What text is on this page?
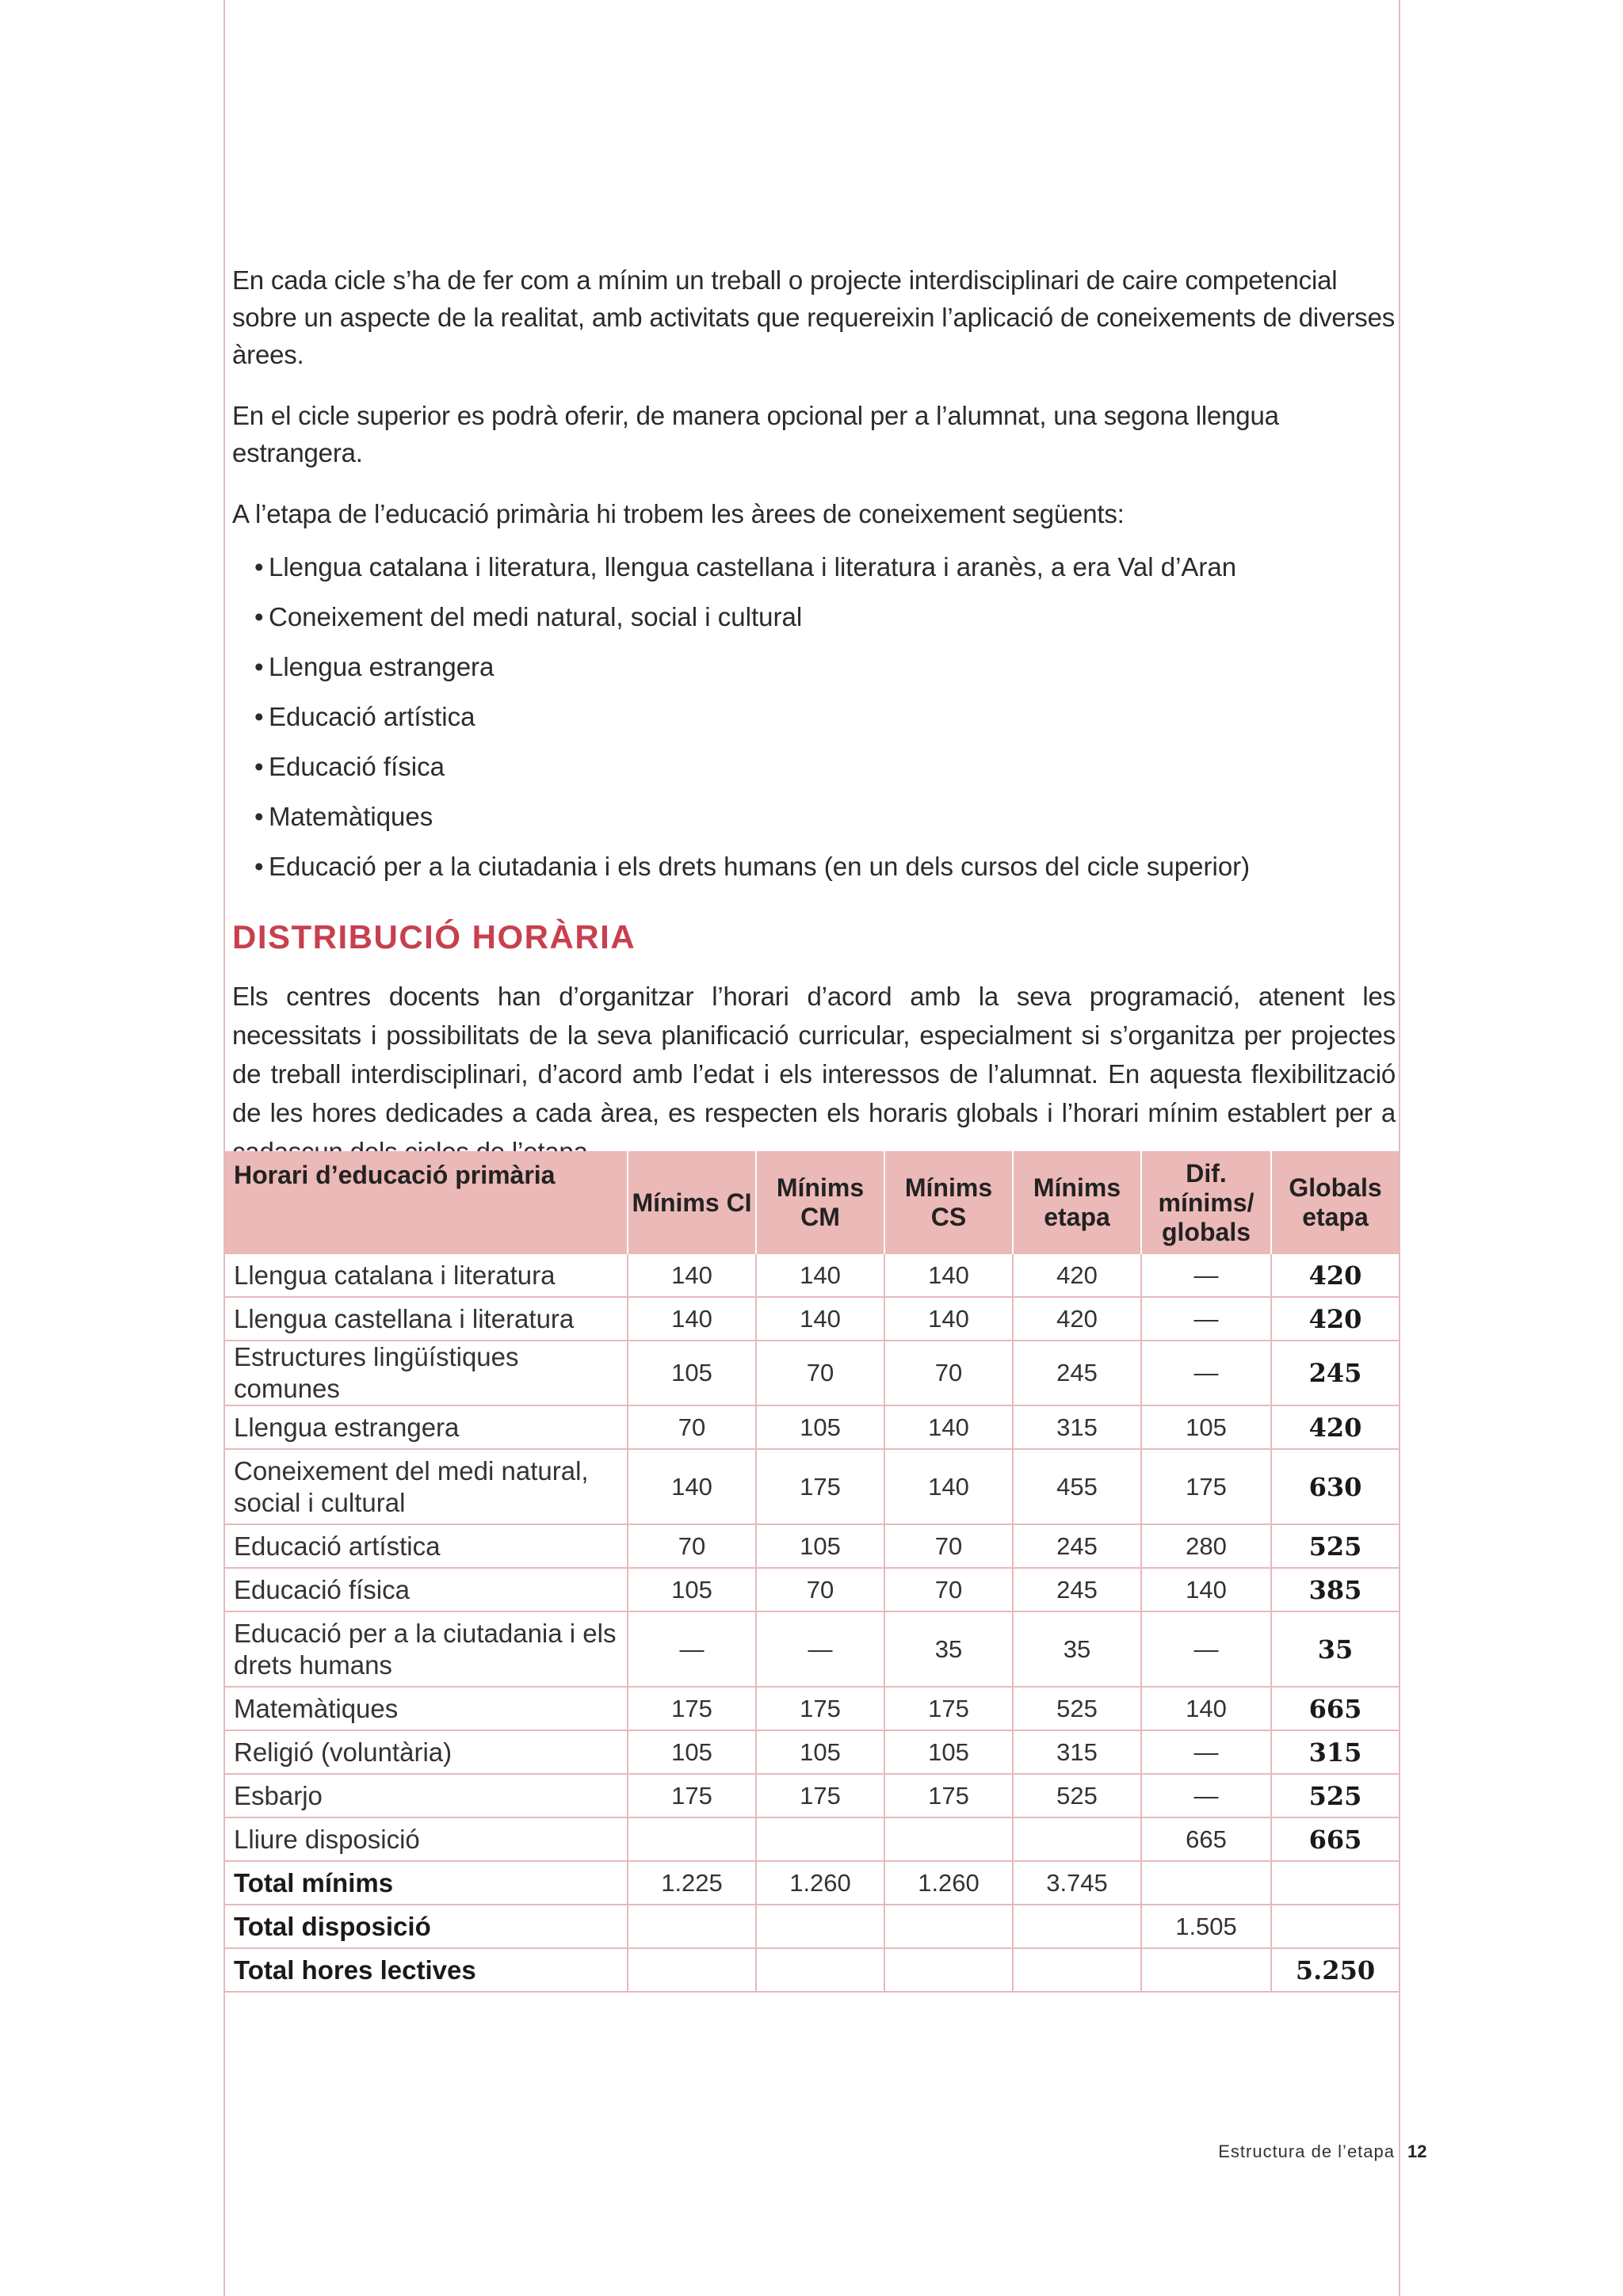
En cada cicle s’ha de fer com a mínim un treball o projecte interdisciplinari de caire competencial sobre un aspecte de la realitat, amb activitats que requereixin l’aplicació de coneixements de diverses àrees.

En el cicle superior es podrà oferir, de manera opcional per a l’alumnat, una segona llengua estrangera.

A l’etapa de l’educació primària hi trobem les àrees de coneixement següents:

• Llengua catalana i literatura, llengua castellana i literatura i aranès, a era Val d’Aran
• Coneixement del medi natural, social i cultural
• Llengua estrangera
• Educació artística
• Educació física
• Matemàtiques
• Educació per a la ciutadania i els drets humans (en un dels cursos del cicle superior)
DISTRIBUCIÓ HORÀRIA

Els centres docents han d’organitzar l’horari d’acord amb la seva programació, atenent les necessitats i possibilitats de la seva planificació curricular, especialment si s’organitza per projectes de treball interdisciplinari, d’acord amb l’edat i els interessos de l’alumnat. En aquesta flexibilització de les hores dedicades a cada àrea, es respecten els horaris globals i l’horari mínim establert per a

Horari d’educació primària	Mínims CI	Mínims CM	Mínims CS	Mínims etapa	Dif. mínims/ globals	Globals etapa
Llengua catalana i literatura	140	140	140	420	—	420
Llengua castellana i literatura	140	140	140	420	—	420
Estructures lingüístiques comunes	105	70	70	245	—	245
Llengua estrangera	70	105	140	315	105	420
Coneixement del medi natural, social i cultural	140	175	140	455	175	630
Educació artística	70	105	70	245	280	525
Educació física	105	70	70	245	140	385
Educació per a la ciutadania i els drets humans	—	—	35	35	—	35
Matemàtiques	175	175	175	525	140	665
Religió (voluntària)	105	105	105	315	—	315
Esbarjo	175	175	175	525	—	525
Lliure disposició					665	665
Total mínims	1.225	1.260	1.260	3.745		
Total disposició					1.505	
Total hores lectives						5.250
Estructura de l’etapa 12
